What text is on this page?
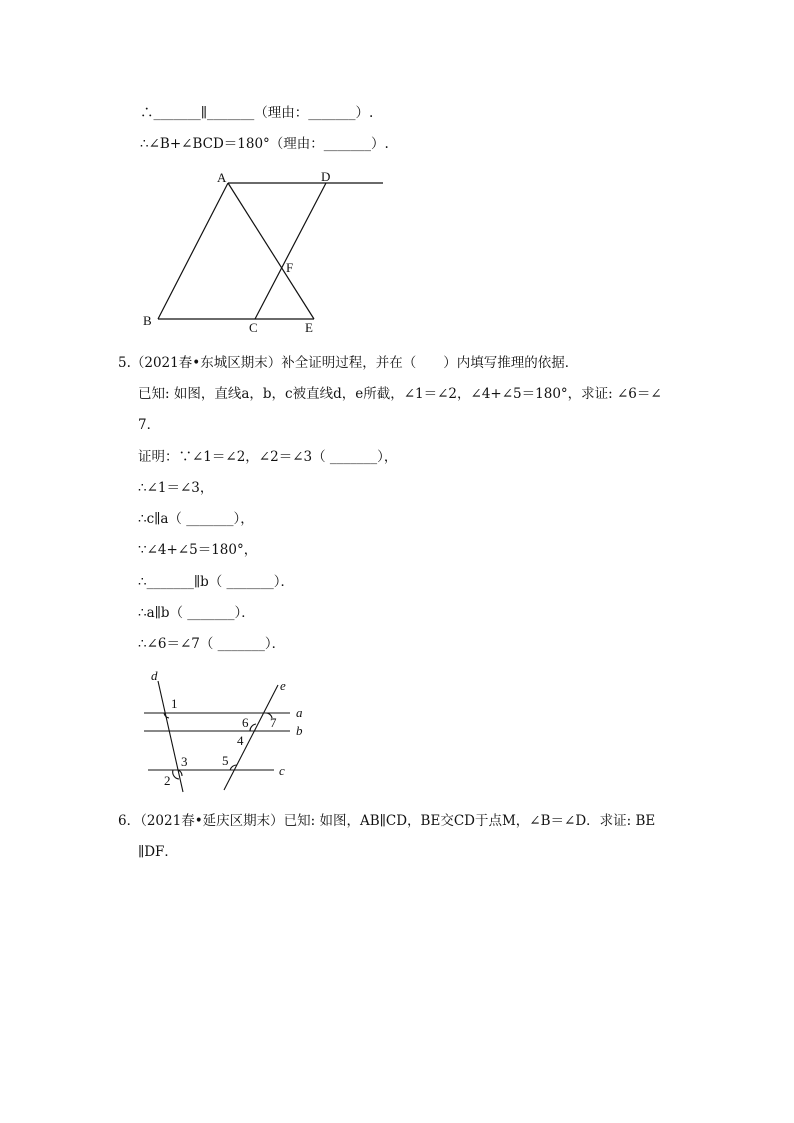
∴_______∥_______（理由：_______）.
∴∠B+∠BCD＝180°（理由：_______）.
A	D
F
B	C	E
5.（2021春•东城区期末）补全证明过程，并在（　　）内填写推理的依据．
已知: 如图，直线a，b，c被直线d，e所截，∠1＝∠2，∠4+∠5＝180°，求证: ∠6＝∠
7．
证明：∵∠1＝∠2，∠2＝∠3（ _______），
∴∠1＝∠3，
∴c∥a（ _______），
∵∠4+∠5＝180°，
∴_______∥b（ _______）．
∴a∥b（ _______）．
∴∠6＝∠7（ _______）．
d
e
a
b
c
1
2
3
4
5
6 7
6．（2021春•延庆区期末）已知: 如图，AB∥CD，BE交CD于点M，∠B＝∠D．求证: BE
∥DF．
